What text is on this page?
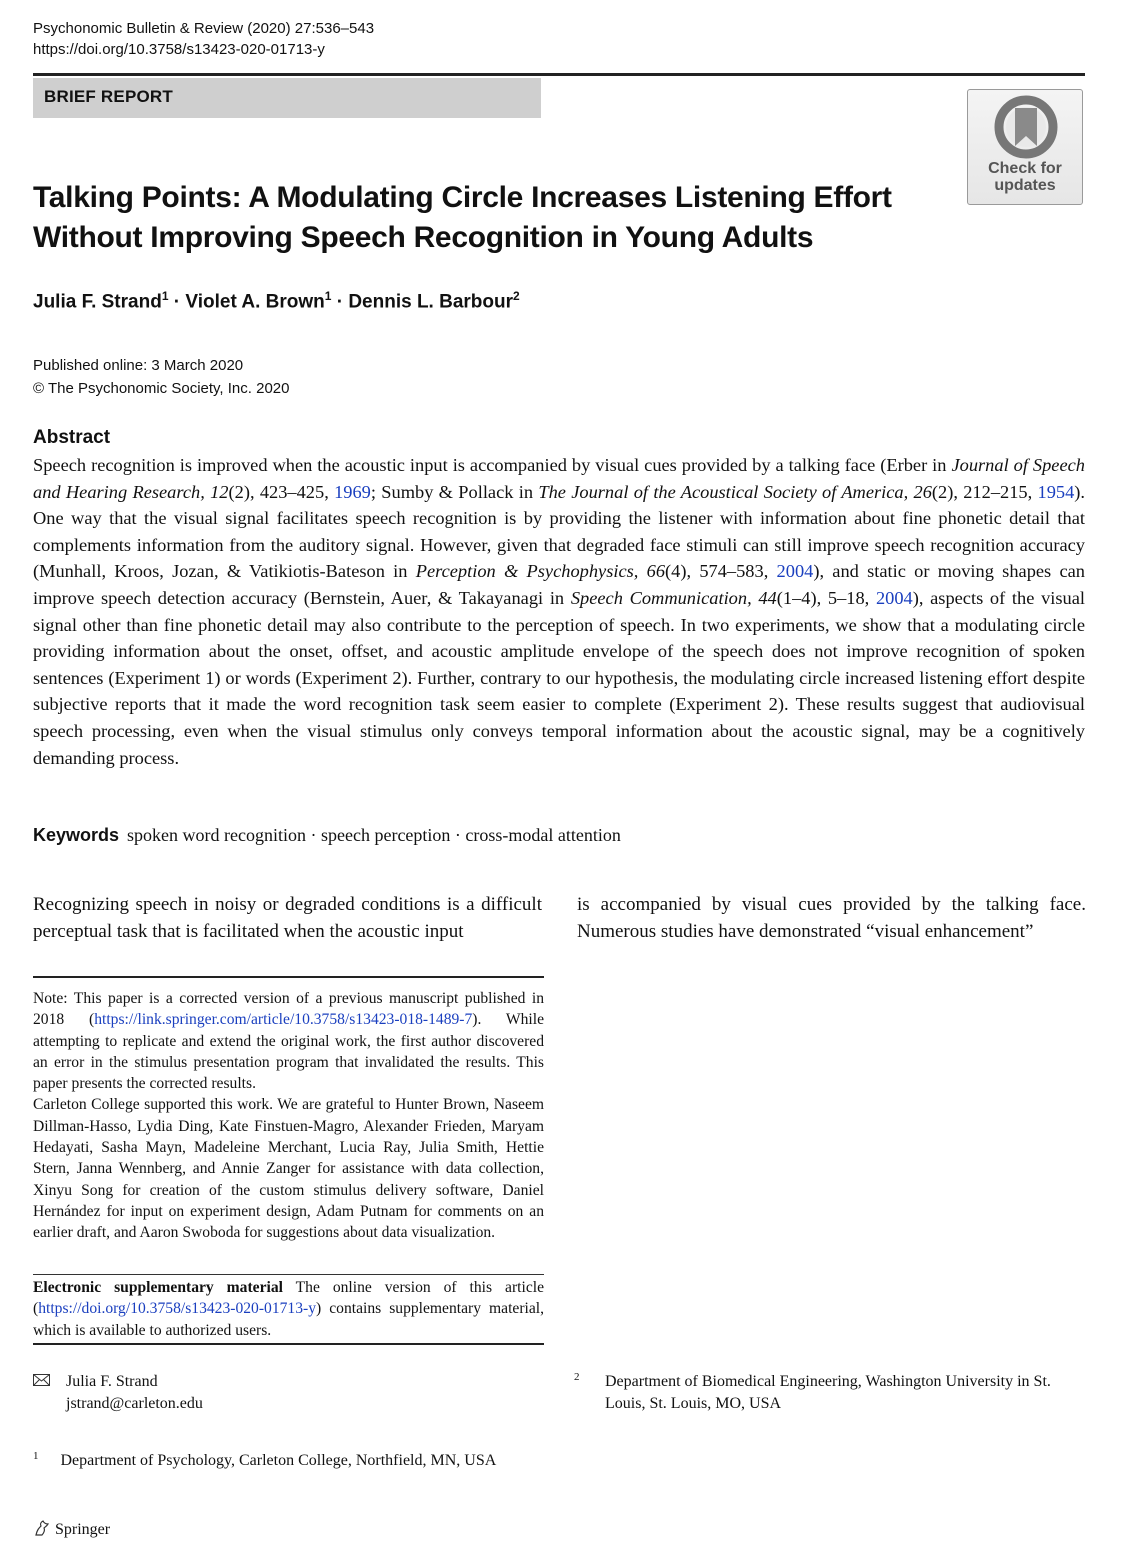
Psychonomic Bulletin & Review (2020) 27:536–543
https://doi.org/10.3758/s13423-020-01713-y
BRIEF REPORT
Check for
updates
Talking Points: A Modulating Circle Increases Listening Effort
Without Improving Speech Recognition in Young Adults
Julia F. Strand$^1$ · Violet A. Brown$^1$ · Dennis L. Barbour$^2$
Published online: 3 March 2020
© The Psychonomic Society, Inc. 2020
Abstract
Speech recognition is improved when the acoustic input is accompanied by visual cues provided by a talking face (Erber in Journal of Speech and Hearing Research, 12(2), 423–425, 1969; Sumby & Pollack in The Journal of the Acoustical Society of America, 26(2), 212–215, 1954). One way that the visual signal facilitates speech recognition is by providing the listener with information about fine phonetic detail that complements information from the auditory signal. However, given that degraded face stimuli can still improve speech recognition accuracy (Munhall, Kroos, Jozan, & Vatikiotis-Bateson in Perception & Psychophysics, 66(4), 574–583, 2004), and static or moving shapes can improve speech detection accuracy (Bernstein, Auer, & Takayanagi in Speech Communication, 44(1–4), 5–18, 2004), aspects of the visual signal other than fine phonetic detail may also contribute to the perception of speech. In two experiments, we show that a modulating circle providing information about the onset, offset, and acoustic amplitude envelope of the speech does not improve recognition of spoken sentences (Experiment 1) or words (Experiment 2). Further, contrary to our hypothesis, the modulating circle increased listening effort despite subjective reports that it made the word recognition task seem easier to complete (Experiment 2). These results suggest that audiovisual speech processing, even when the visual stimulus only conveys temporal information about the acoustic signal, may be a cognitively demanding process.
Keywords spoken word recognition · speech perception · cross-modal attention
Recognizing speech in noisy or degraded conditions is a difficult perceptual task that is facilitated when the acoustic input
is accompanied by visual cues provided by the talking face. Numerous studies have demonstrated “visual enhancement”
Note: This paper is a corrected version of a previous manuscript published in 2018 (https://link.springer.com/article/10.3758/s13423-018-1489-7). While attempting to replicate and extend the original work, the first author discovered an error in the stimulus presentation program that invalidated the results. This paper presents the corrected results.
Carleton College supported this work. We are grateful to Hunter Brown, Naseem Dillman-Hasso, Lydia Ding, Kate Finstuen-Magro, Alexander Frieden, Maryam Hedayati, Sasha Mayn, Madeleine Merchant, Lucia Ray, Julia Smith, Hettie Stern, Janna Wennberg, and Annie Zanger for assistance with data collection, Xinyu Song for creation of the custom stimulus delivery software, Daniel Hernández for input on experiment design, Adam Putnam for comments on an earlier draft, and Aaron Swoboda for suggestions about data visualization.
Electronic supplementary material The online version of this article (https://doi.org/10.3758/s13423-020-01713-y) contains supplementary material, which is available to authorized users.
Julia F. Strand
jstrand@carleton.edu
$^1$ Department of Psychology, Carleton College, Northfield, MN, USA
2 Department of Biomedical Engineering, Washington University in St. Louis, St. Louis, MO, USA
Springer
